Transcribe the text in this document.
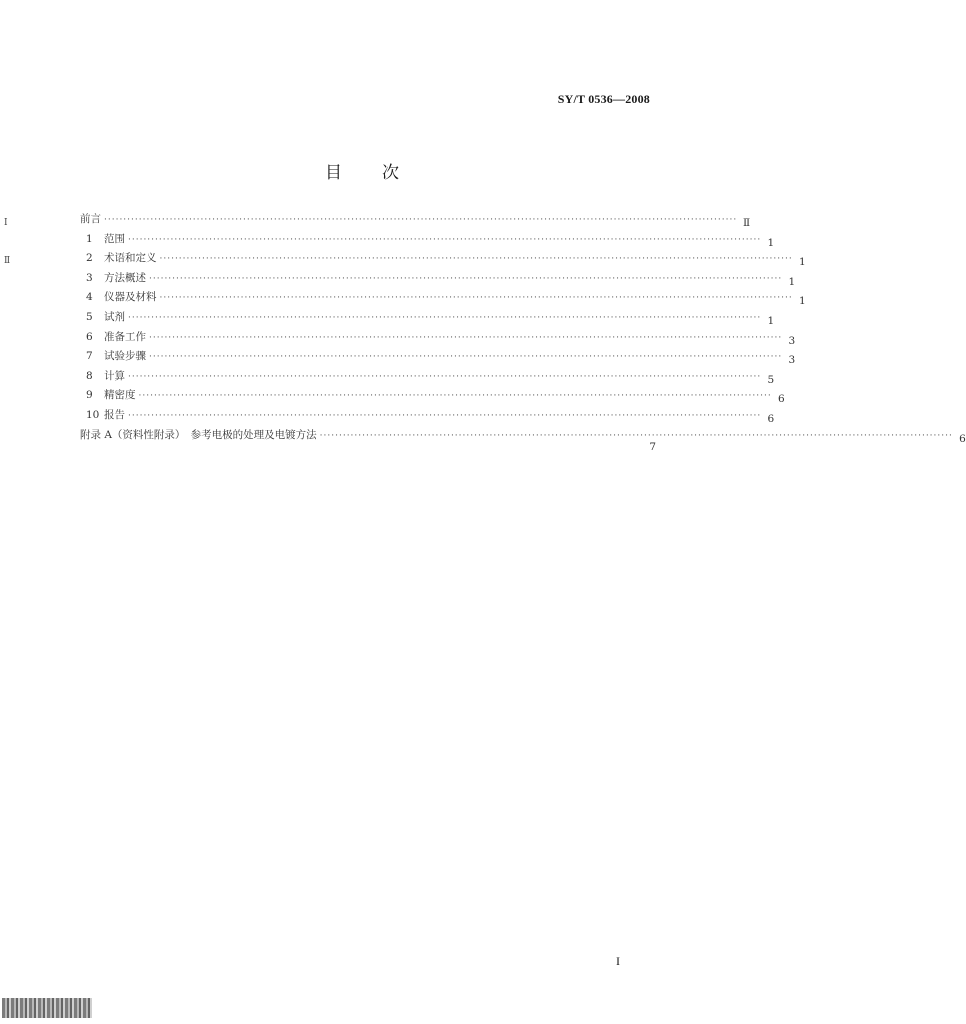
SY/T 0536—2008
目 次
Ⅰ
Ⅱ
前言 ···································································································································································· Ⅱ
1 范围 ···································································································································································· 1
2 术语和定义 ···································································································································································· 1
3 方法概述 ···································································································································································· 1
4 仪器及材料 ···································································································································································· 1
5 试剂 ···································································································································································· 1
6 准备工作 ···································································································································································· 3
7 试验步骤 ···································································································································································· 3
8 计算 ···································································································································································· 5
9 精密度 ···································································································································································· 6
10 报告 ···································································································································································· 6
附录 A（资料性附录）　参考电极的处理及电镀方法 ···································································································································································· 6
7
I
